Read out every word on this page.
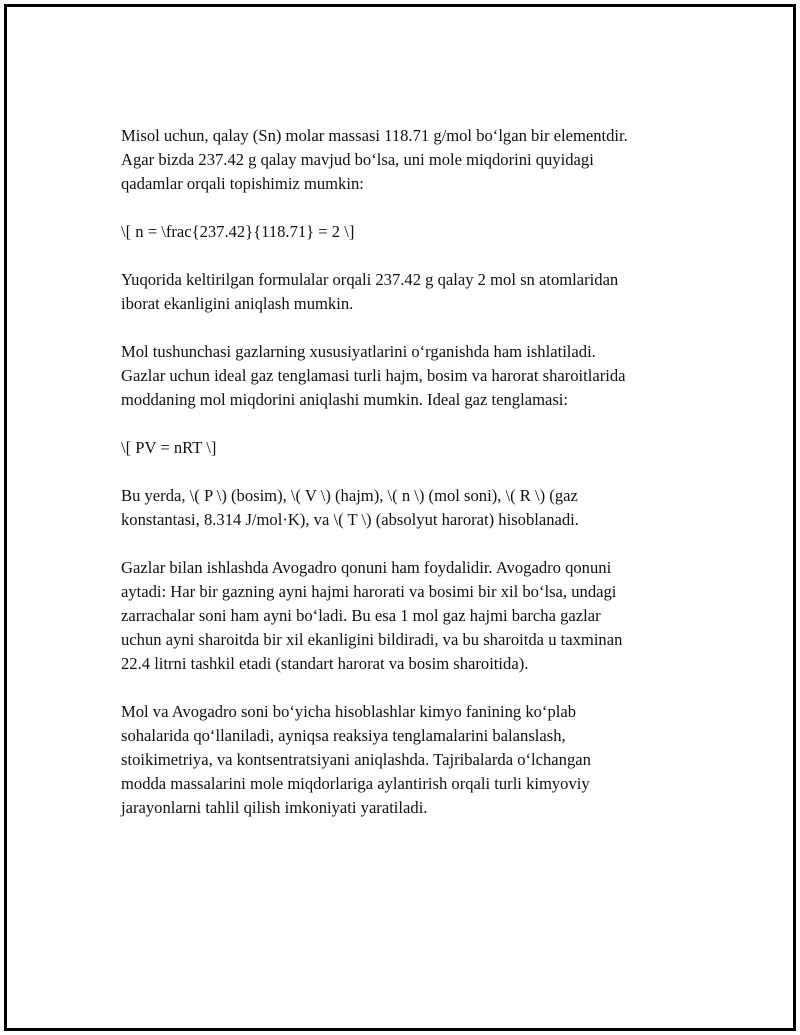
Misol uchun, qalay (Sn) molar massasi 118.71 g/mol bo‘lgan bir elementdir.
Agar bizda 237.42 g qalay mavjud bo‘lsa, uni mole miqdorini quyidagi
qadamlar orqali topishimiz mumkin:

\[ n = \frac{237.42}{118.71} = 2 \]

Yuqorida keltirilgan formulalar orqali 237.42 g qalay 2 mol sn atomlaridan
iborat ekanligini aniqlash mumkin.

Mol tushunchasi gazlarning xususiyatlarini o‘rganishda ham ishlatiladi.
Gazlar uchun ideal gaz tenglamasi turli hajm, bosim va harorat sharoitlarida
moddaning mol miqdorini aniqlashi mumkin. Ideal gaz tenglamasi:

\[ PV = nRT \]

Bu yerda, \( P \) (bosim), \( V \) (hajm), \( n \) (mol soni), \( R \) (gaz
konstantasi, 8.314 J/mol·K), va \( T \) (absolyut harorat) hisoblanadi.

Gazlar bilan ishlashda Avogadro qonuni ham foydalidir. Avogadro qonuni
aytadi: Har bir gazning ayni hajmi harorati va bosimi bir xil bo‘lsa, undagi
zarrachalar soni ham ayni bo‘ladi. Bu esa 1 mol gaz hajmi barcha gazlar
uchun ayni sharoitda bir xil ekanligini bildiradi, va bu sharoitda u taxminan
22.4 litrni tashkil etadi (standart harorat va bosim sharoitida).

Mol va Avogadro soni bo‘yicha hisoblashlar kimyo fanining ko‘plab
sohalarida qo‘llaniladi, ayniqsa reaksiya tenglamalarini balanslash,
stoikimetriya, va kontsentratsiyani aniqlashda. Tajribalarda o‘lchangan
modda massalarini mole miqdorlariga aylantirish orqali turli kimyoviy
jarayonlarni tahlil qilish imkoniyati yaratiladi.
